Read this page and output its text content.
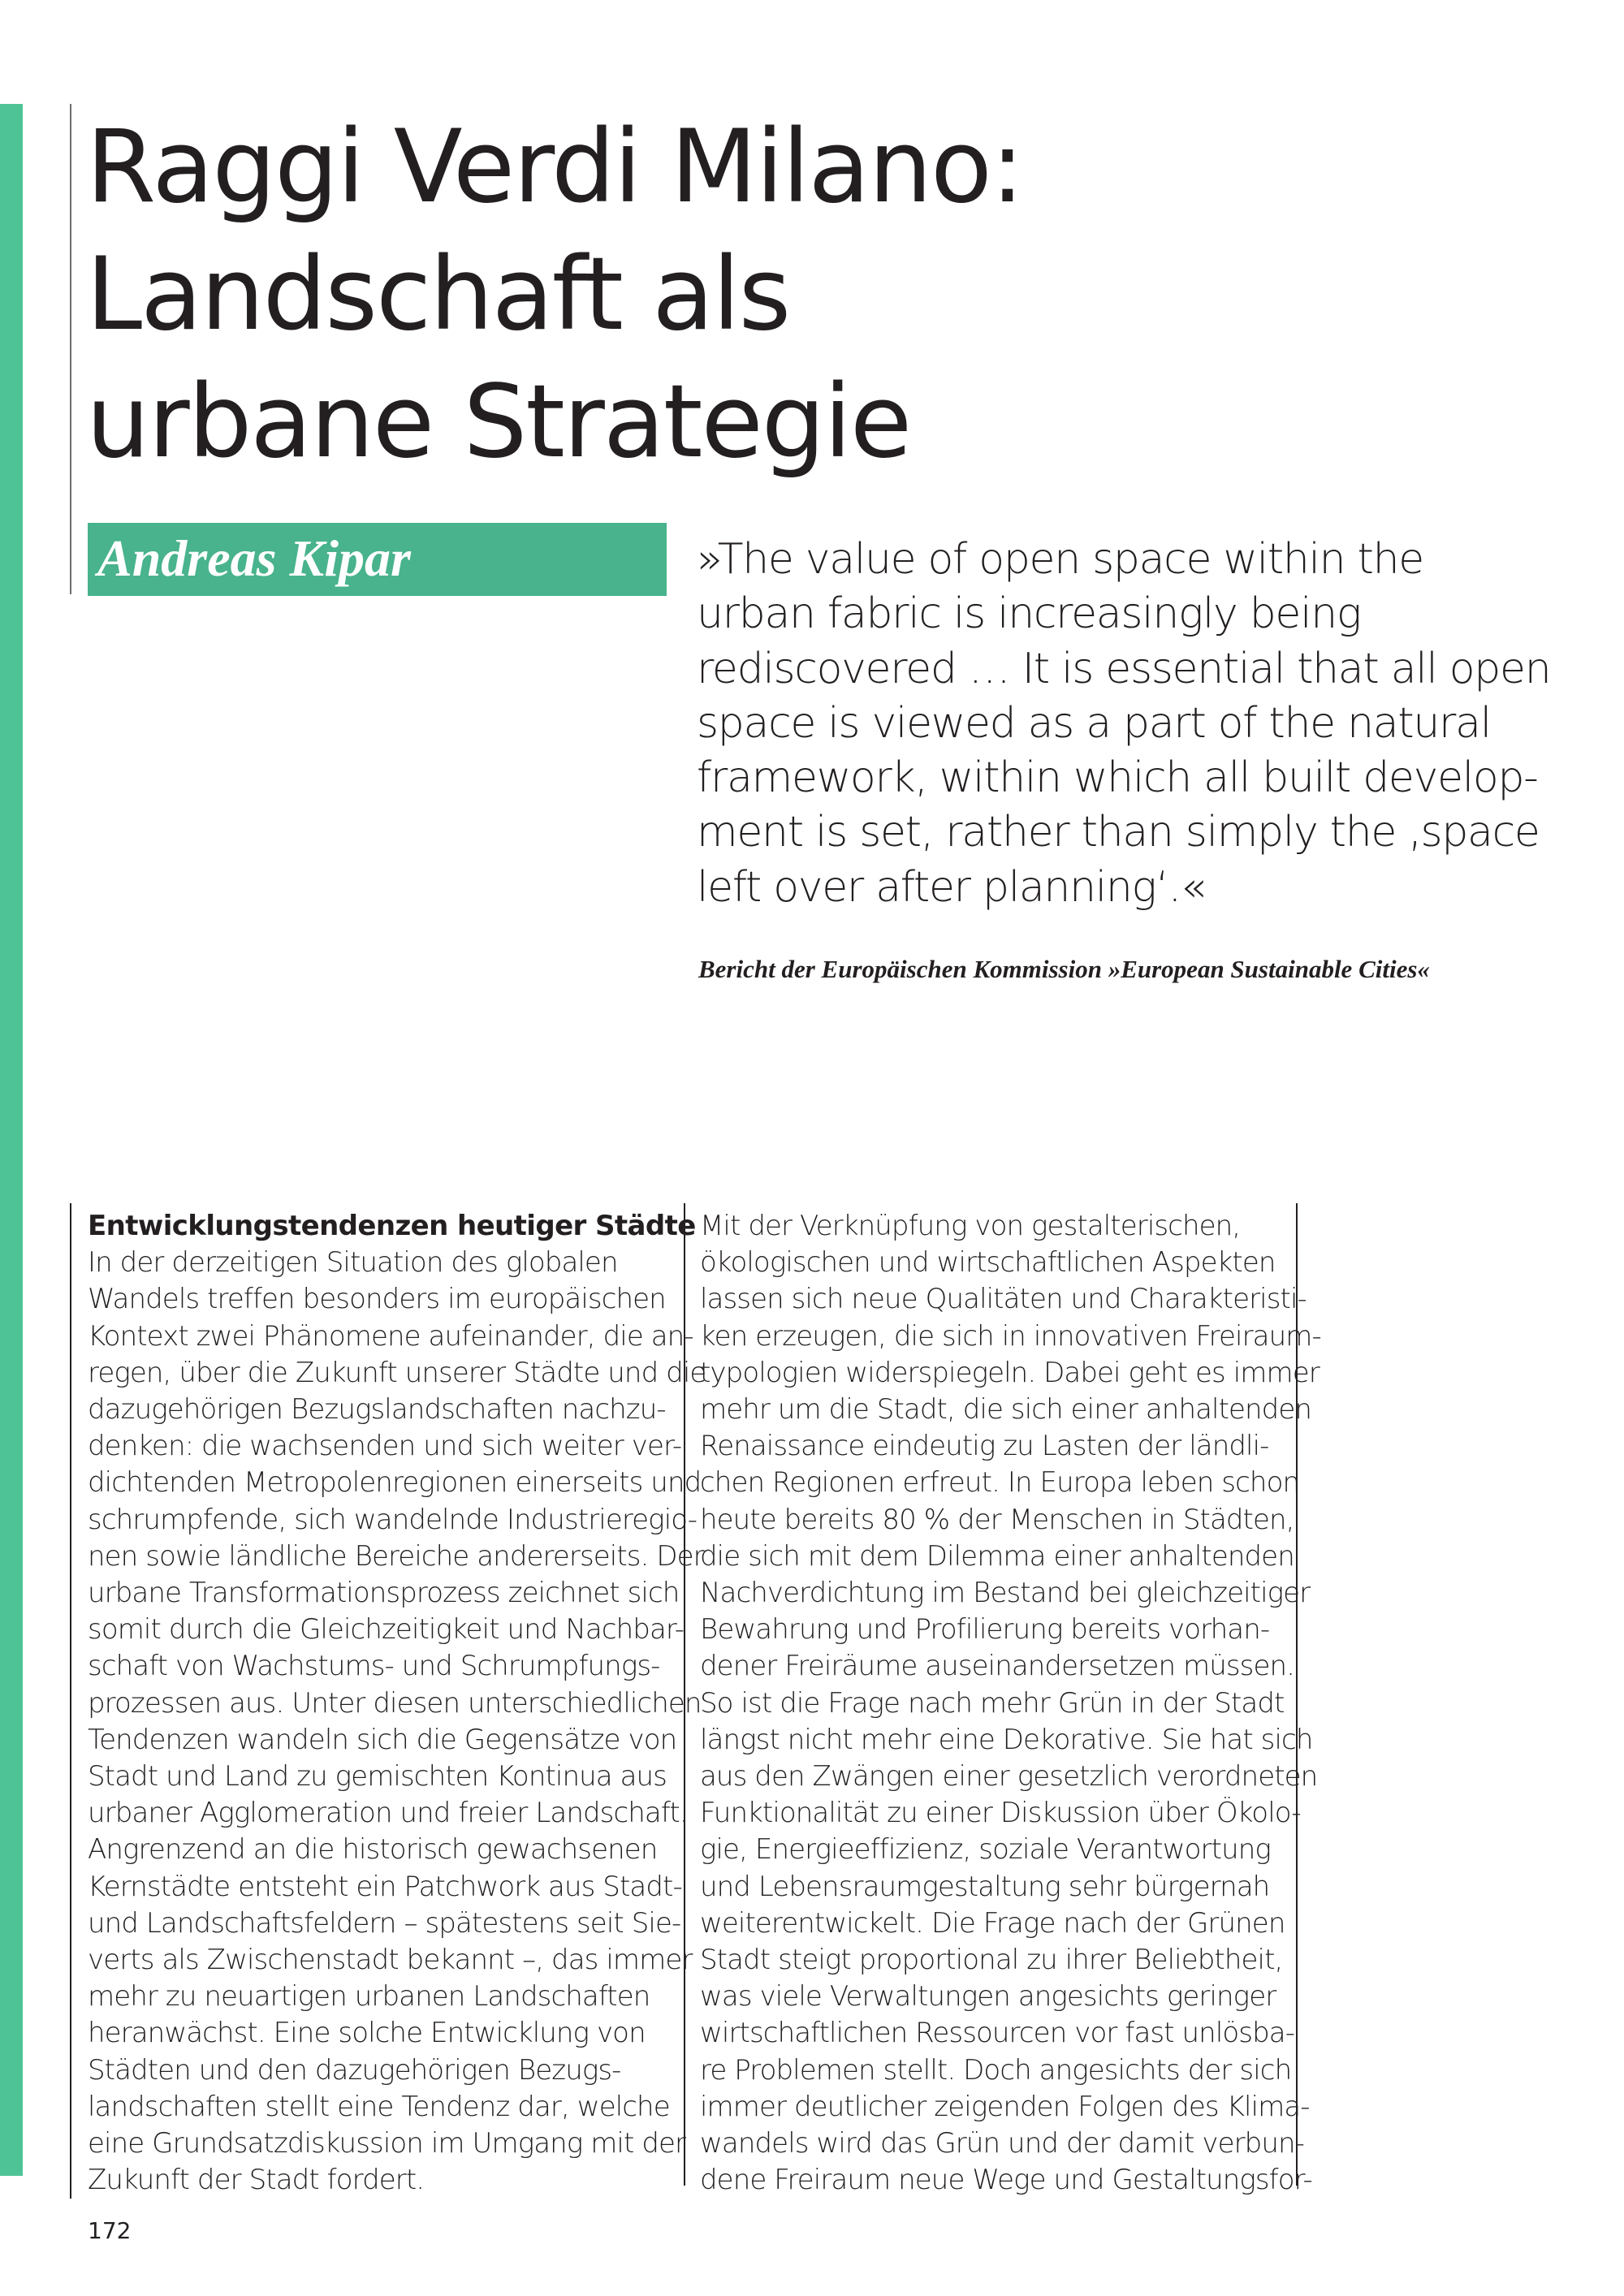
Raggi Verdi Milano:
Landschaft als
urbane Strategie
Andreas Kipar	»The value of open space within the
urban fabric is increasingly being
rediscovered … It is essential that all open
space is viewed as a part of the natural
framework, within which all built develop-
ment is set, rather than simply the ‚space
left over after planning‘.«
Bericht der Europäischen Kommission »European Sustainable Cities«
Entwicklungstendenzen heutiger Städte
In der derzeitigen Situation des globalen
Wandels treffen besonders im europäischen
Kontext zwei Phänomene aufeinander, die an-
regen, über die Zukunft unserer Städte und die
dazugehörigen Bezugslandschaften nachzu-
denken: die wachsenden und sich weiter ver-
dichtenden Metropolenregionen einerseits und
schrumpfende, sich wandelnde Industrieregio-
nen sowie ländliche Bereiche andererseits. Der
urbane Transformationsprozess zeichnet sich
somit durch die Gleichzeitigkeit und Nachbar-
schaft von Wachstums- und Schrumpfungs-
prozessen aus. Unter diesen unterschiedlichen
Tendenzen wandeln sich die Gegensätze von
Stadt und Land zu gemischten Kontinua aus
urbaner Agglomeration und freier Landschaft.
Angrenzend an die historisch gewachsenen
Kernstädte entsteht ein Patchwork aus Stadt-
und Landschaftsfeldern – spätestens seit Sie-
verts als Zwischenstadt bekannt –, das immer
mehr zu neuartigen urbanen Landschaften
heranwächst. Eine solche Entwicklung von
Städten und den dazugehörigen Bezugs-
landschaften stellt eine Tendenz dar, welche
eine Grundsatzdiskussion im Umgang mit der
Zukunft der Stadt fordert.
Mit der Verknüpfung von gestalterischen,
ökologischen und wirtschaftlichen Aspekten
lassen sich neue Qualitäten und Charakteristi-
ken erzeugen, die sich in innovativen Freiraum-
typologien widerspiegeln. Dabei geht es immer
mehr um die Stadt, die sich einer anhaltenden
Renaissance eindeutig zu Lasten der ländli-
chen Regionen erfreut. In Europa leben schon
heute bereits 80 % der Menschen in Städten,
die sich mit dem Dilemma einer anhaltenden
Nachverdichtung im Bestand bei gleichzeitiger
Bewahrung und Profilierung bereits vorhan-
dener Freiräume auseinandersetzen müssen.
So ist die Frage nach mehr Grün in der Stadt
längst nicht mehr eine Dekorative. Sie hat sich
aus den Zwängen einer gesetzlich verordneten
Funktionalität zu einer Diskussion über Ökolo-
gie, Energieeffizienz, soziale Verantwortung
und Lebensraumgestaltung sehr bürgernah
weiterentwickelt. Die Frage nach der Grünen
Stadt steigt proportional zu ihrer Beliebtheit,
was viele Verwaltungen angesichts geringer
wirtschaftlichen Ressourcen vor fast unlösba-
re Problemen stellt. Doch angesichts der sich
immer deutlicher zeigenden Folgen des Klima-
wandels wird das Grün und der damit verbun-
dene Freiraum neue Wege und Gestaltungsfor-
172
